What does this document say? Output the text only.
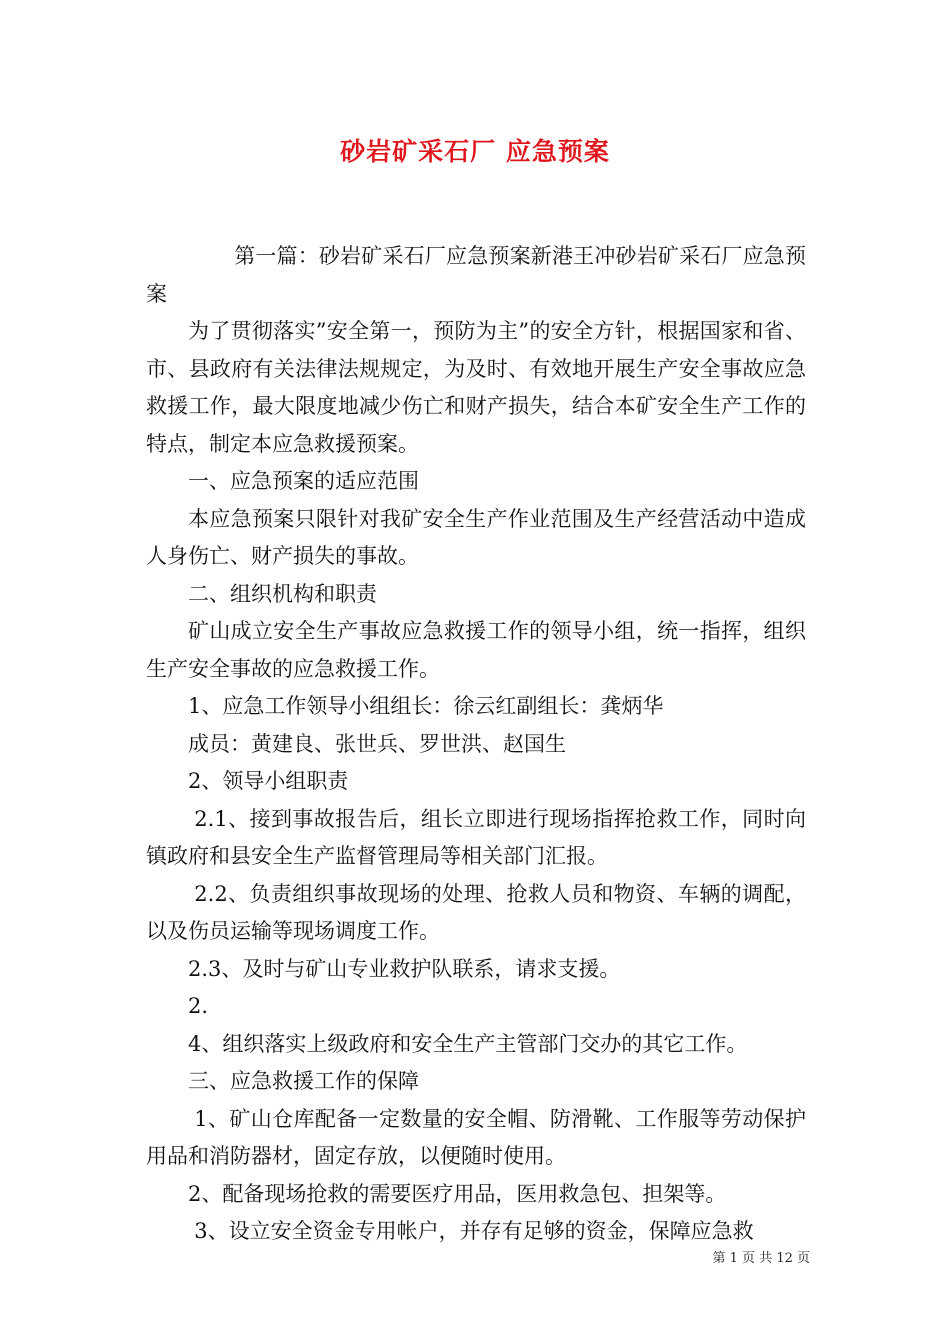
砂岩矿采石厂 应急预案

第一篇：砂岩矿采石厂应急预案新港王冲砂岩矿采石厂应急预案

为了贯彻落实”安全第一，预防为主”的安全方针，根据国家和省、市、县政府有关法律法规规定，为及时、有效地开展生产安全事故应急救援工作，最大限度地减少伤亡和财产损失，结合本矿安全生产工作的特点，制定本应急救援预案。

一、应急预案的适应范围

本应急预案只限针对我矿安全生产作业范围及生产经营活动中造成人身伤亡、财产损失的事故。

二、组织机构和职责

矿山成立安全生产事故应急救援工作的领导小组，统一指挥，组织生产安全事故的应急救援工作。

1、应急工作领导小组组长：徐云红副组长：龚炳华

成员：黄建良、张世兵、罗世洪、赵国生

2、领导小组职责

2.1、接到事故报告后，组长立即进行现场指挥抢救工作，同时向镇政府和县安全生产监督管理局等相关部门汇报。

2.2、负责组织事故现场的处理、抢救人员和物资、车辆的调配，以及伤员运输等现场调度工作。

2.3、及时与矿山专业救护队联系，请求支援。

2.

4、组织落实上级政府和安全生产主管部门交办的其它工作。

三、应急救援工作的保障

1、矿山仓库配备一定数量的安全帽、防滑靴、工作服等劳动保护用品和消防器材，固定存放，以便随时使用。

2、配备现场抢救的需要医疗用品，医用救急包、担架等。

3、设立安全资金专用帐户，并存有足够的资金，保障应急救

第 1 页 共 12 页
